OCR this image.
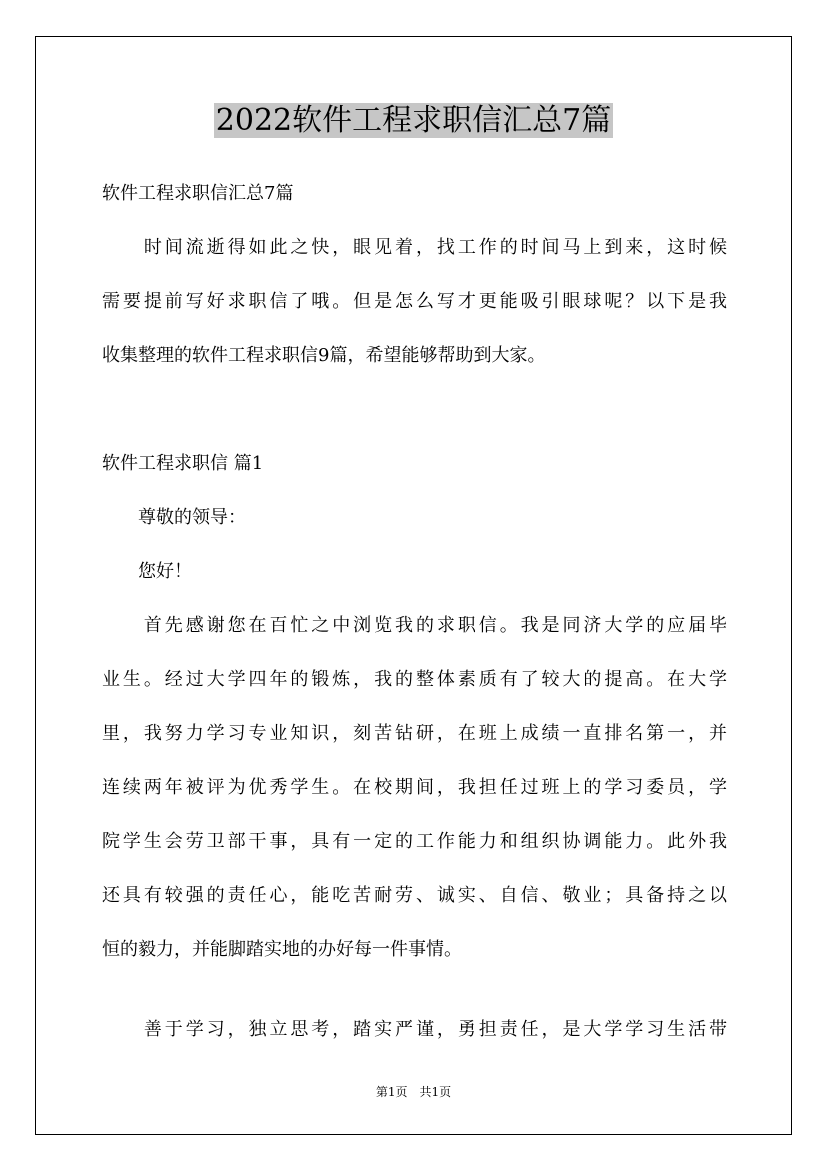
2022软件工程求职信汇总7篇

软件工程求职信汇总7篇

　　时间流逝得如此之快，眼见着，找工作的时间马上到来，这时候

需要提前写好求职信了哦。但是怎么写才更能吸引眼球呢？以下是我

收集整理的软件工程求职信9篇，希望能够帮助到大家。

软件工程求职信 篇1

　　尊敬的领导：

　　您好！

　　首先感谢您在百忙之中浏览我的求职信。我是同济大学的应届毕

业生。经过大学四年的锻炼，我的整体素质有了较大的提高。在大学

里，我努力学习专业知识，刻苦钻研，在班上成绩一直排名第一，并

连续两年被评为优秀学生。在校期间，我担任过班上的学习委员，学

院学生会劳卫部干事，具有一定的工作能力和组织协调能力。此外我

还具有较强的责任心，能吃苦耐劳、诚实、自信、敬业；具备持之以

恒的毅力，并能脚踏实地的办好每一件事情。

　　善于学习，独立思考，踏实严谨，勇担责任，是大学学习生活带

第1页　共1页
